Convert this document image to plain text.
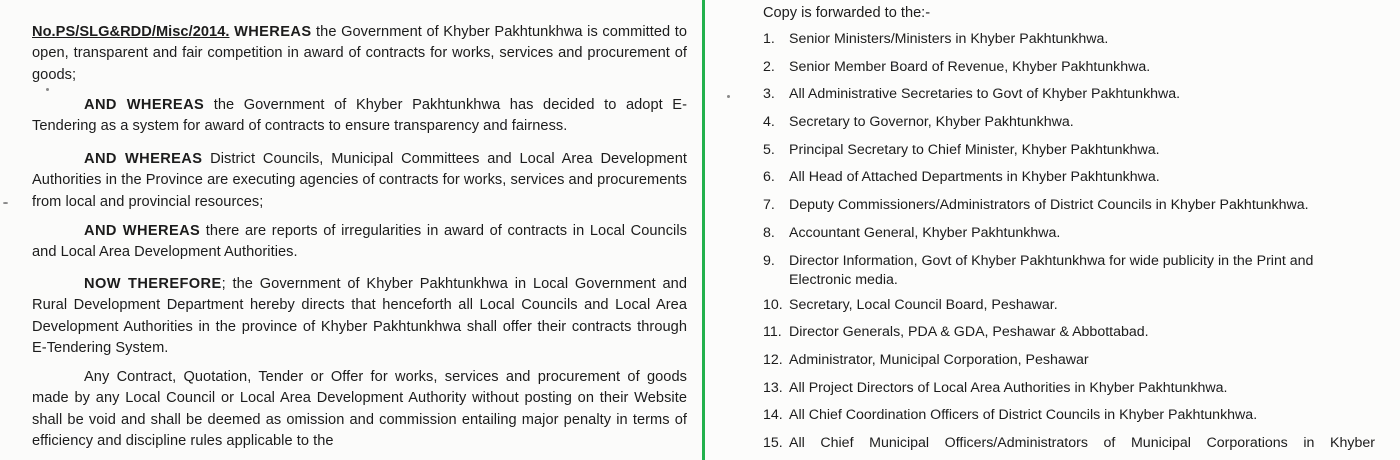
No.PS/SLG&RDD/Misc/2014. WHEREAS the Government of Khyber Pakhtunkhwa is committed to open, transparent and fair competition in award of contracts for works, services and procurement of goods;

AND WHEREAS the Government of Khyber Pakhtunkhwa has decided to adopt E-Tendering as a system for award of contracts to ensure transparency and fairness.

AND WHEREAS District Councils, Municipal Committees and Local Area Development Authorities in the Province are executing agencies of contracts for works, services and procurements from local and provincial resources;

AND WHEREAS there are reports of irregularities in award of contracts in Local Councils and Local Area Development Authorities.

NOW THEREFORE; the Government of Khyber Pakhtunkhwa in Local Government and Rural Development Department hereby directs that henceforth all Local Councils and Local Area Development Authorities in the province of Khyber Pakhtunkhwa shall offer their contracts through E-Tendering System.

Any Contract, Quotation, Tender or Offer for works, services and procurement of goods made by any Local Council or Local Area Development Authority without posting on their Website shall be void and shall be deemed as omission and commission entailing major penalty in terms of efficiency and discipline rules applicable to the

Copy is forwarded to the:-

1. Senior Ministers/Ministers in Khyber Pakhtunkhwa.
2. Senior Member Board of Revenue, Khyber Pakhtunkhwa.
3. All Administrative Secretaries to Govt of Khyber Pakhtunkhwa.
4. Secretary to Governor, Khyber Pakhtunkhwa.
5. Principal Secretary to Chief Minister, Khyber Pakhtunkhwa.
6. All Head of Attached Departments in Khyber Pakhtunkhwa.
7. Deputy Commissioners/Administrators of District Councils in Khyber Pakhtunkhwa.
8. Accountant General, Khyber Pakhtunkhwa.
9. Director Information, Govt of Khyber Pakhtunkhwa for wide publicity in the Print and Electronic media.
10. Secretary, Local Council Board, Peshawar.
11. Director Generals, PDA & GDA, Peshawar & Abbottabad.
12. Administrator, Municipal Corporation, Peshawar
13. All Project Directors of Local Area Authorities in Khyber Pakhtunkhwa.
14. All Chief Coordination Officers of District Councils in Khyber Pakhtunkhwa.
15. All Chief Municipal Officers/Administrators of Municipal Corporations in Khyber
